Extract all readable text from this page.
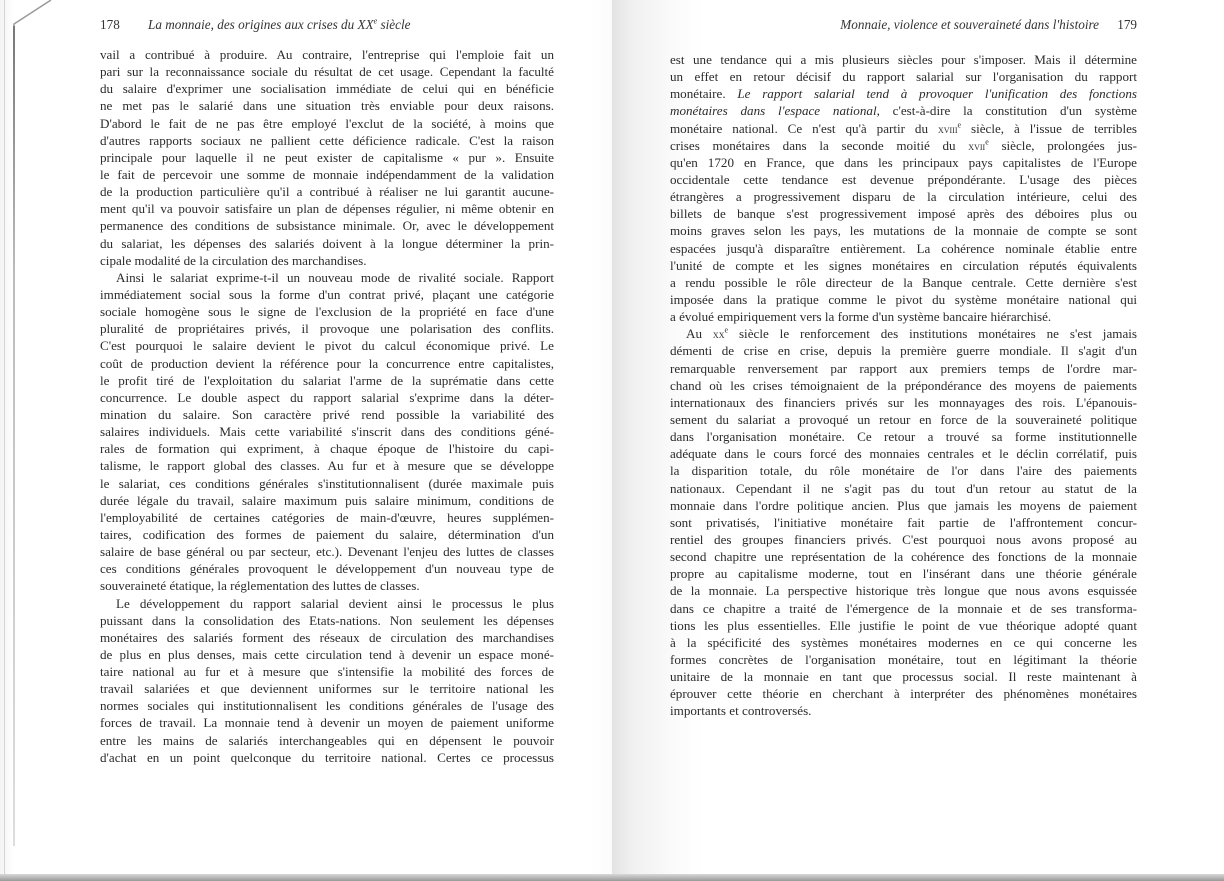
178 La monnaie, des origines aux crises du XXe siècle
vail a contribué à produire. Au contraire, l'entreprise qui l'emploie fait un
pari sur la reconnaissance sociale du résultat de cet usage. Cependant la faculté
du salaire d'exprimer une socialisation immédiate de celui qui en bénéficie
ne met pas le salarié dans une situation très enviable pour deux raisons.
D'abord le fait de ne pas être employé l'exclut de la société, à moins que
d'autres rapports sociaux ne pallient cette déficience radicale. C'est la raison
principale pour laquelle il ne peut exister de capitalisme « pur ». Ensuite
le fait de percevoir une somme de monnaie indépendamment de la validation
de la production particulière qu'il a contribué à réaliser ne lui garantit aucune-
ment qu'il va pouvoir satisfaire un plan de dépenses régulier, ni même obtenir en
permanence des conditions de subsistance minimale. Or, avec le développement
du salariat, les dépenses des salariés doivent à la longue déterminer la prin-
cipale modalité de la circulation des marchandises.
Ainsi le salariat exprime-t-il un nouveau mode de rivalité sociale. Rapport
immédiatement social sous la forme d'un contrat privé, plaçant une catégorie
sociale homogène sous le signe de l'exclusion de la propriété en face d'une
pluralité de propriétaires privés, il provoque une polarisation des conflits.
C'est pourquoi le salaire devient le pivot du calcul économique privé. Le
coût de production devient la référence pour la concurrence entre capitalistes,
le profit tiré de l'exploitation du salariat l'arme de la suprématie dans cette
concurrence. Le double aspect du rapport salarial s'exprime dans la déter-
mination du salaire. Son caractère privé rend possible la variabilité des
salaires individuels. Mais cette variabilité s'inscrit dans des conditions géné-
rales de formation qui expriment, à chaque époque de l'histoire du capi-
talisme, le rapport global des classes. Au fur et à mesure que se développe
le salariat, ces conditions générales s'institutionnalisent (durée maximale puis
durée légale du travail, salaire maximum puis salaire minimum, conditions de
l'employabilité de certaines catégories de main-d'œuvre, heures supplémen-
taires, codification des formes de paiement du salaire, détermination d'un
salaire de base général ou par secteur, etc.). Devenant l'enjeu des luttes de classes
ces conditions générales provoquent le développement d'un nouveau type de
souveraineté étatique, la réglementation des luttes de classes.
Le développement du rapport salarial devient ainsi le processus le plus
puissant dans la consolidation des Etats-nations. Non seulement les dépenses
monétaires des salariés forment des réseaux de circulation des marchandises
de plus en plus denses, mais cette circulation tend à devenir un espace moné-
taire national au fur et à mesure que s'intensifie la mobilité des forces de
travail salariées et que deviennent uniformes sur le territoire national les
normes sociales qui institutionnalisent les conditions générales de l'usage des
forces de travail. La monnaie tend à devenir un moyen de paiement uniforme
entre les mains de salariés interchangeables qui en dépensent le pouvoir
d'achat en un point quelconque du territoire national. Certes ce processus
Monnaie, violence et souveraineté dans l'histoire 179
est une tendance qui a mis plusieurs siècles pour s'imposer. Mais il détermine
un effet en retour décisif du rapport salarial sur l'organisation du rapport
monétaire. Le rapport salarial tend à provoquer l'unification des fonctions
monétaires dans l'espace national, c'est-à-dire la constitution d'un système
monétaire national. Ce n'est qu'à partir du xviii$^e$ siècle, à l'issue de terribles
crises monétaires dans la seconde moitié du xvii$^e$ siècle, prolongées jus-
qu'en 1720 en France, que dans les principaux pays capitalistes de l'Europe
occidentale cette tendance est devenue prépondérante. L'usage des pièces
étrangères a progressivement disparu de la circulation intérieure, celui des
billets de banque s'est progressivement imposé après des déboires plus ou
moins graves selon les pays, les mutations de la monnaie de compte se sont
espacées jusqu'à disparaître entièrement. La cohérence nominale établie entre
l'unité de compte et les signes monétaires en circulation réputés équivalents
a rendu possible le rôle directeur de la Banque centrale. Cette dernière s'est
imposée dans la pratique comme le pivot du système monétaire national qui
a évolué empiriquement vers la forme d'un système bancaire hiérarchisé.
Au $xx^e$ siècle le renforcement des institutions monétaires ne s'est jamais
démenti de crise en crise, depuis la première guerre mondiale. Il s'agit d'un
remarquable renversement par rapport aux premiers temps de l'ordre mar-
chand où les crises témoignaient de la prépondérance des moyens de paiements
internationaux des financiers privés sur les monnayages des rois. L'épanouis-
sement du salariat a provoqué un retour en force de la souveraineté politique
dans l'organisation monétaire. Ce retour a trouvé sa forme institutionnelle
adéquate dans le cours forcé des monnaies centrales et le déclin corrélatif, puis
la disparition totale, du rôle monétaire de l'or dans l'aire des paiements
nationaux. Cependant il ne s'agit pas du tout d'un retour au statut de la
monnaie dans l'ordre politique ancien. Plus que jamais les moyens de paiement
sont privatisés, l'initiative monétaire fait partie de l'affrontement concur-
rentiel des groupes financiers privés. C'est pourquoi nous avons proposé au
second chapitre une représentation de la cohérence des fonctions de la monnaie
propre au capitalisme moderne, tout en l'insérant dans une théorie générale
de la monnaie. La perspective historique très longue que nous avons esquissée
dans ce chapitre a traité de l'émergence de la monnaie et de ses transforma-
tions les plus essentielles. Elle justifie le point de vue théorique adopté quant
à la spécificité des systèmes monétaires modernes en ce qui concerne les
formes concrètes de l'organisation monétaire, tout en légitimant la théorie
unitaire de la monnaie en tant que processus social. Il reste maintenant à
éprouver cette théorie en cherchant à interpréter des phénomènes monétaires
importants et controversés.
